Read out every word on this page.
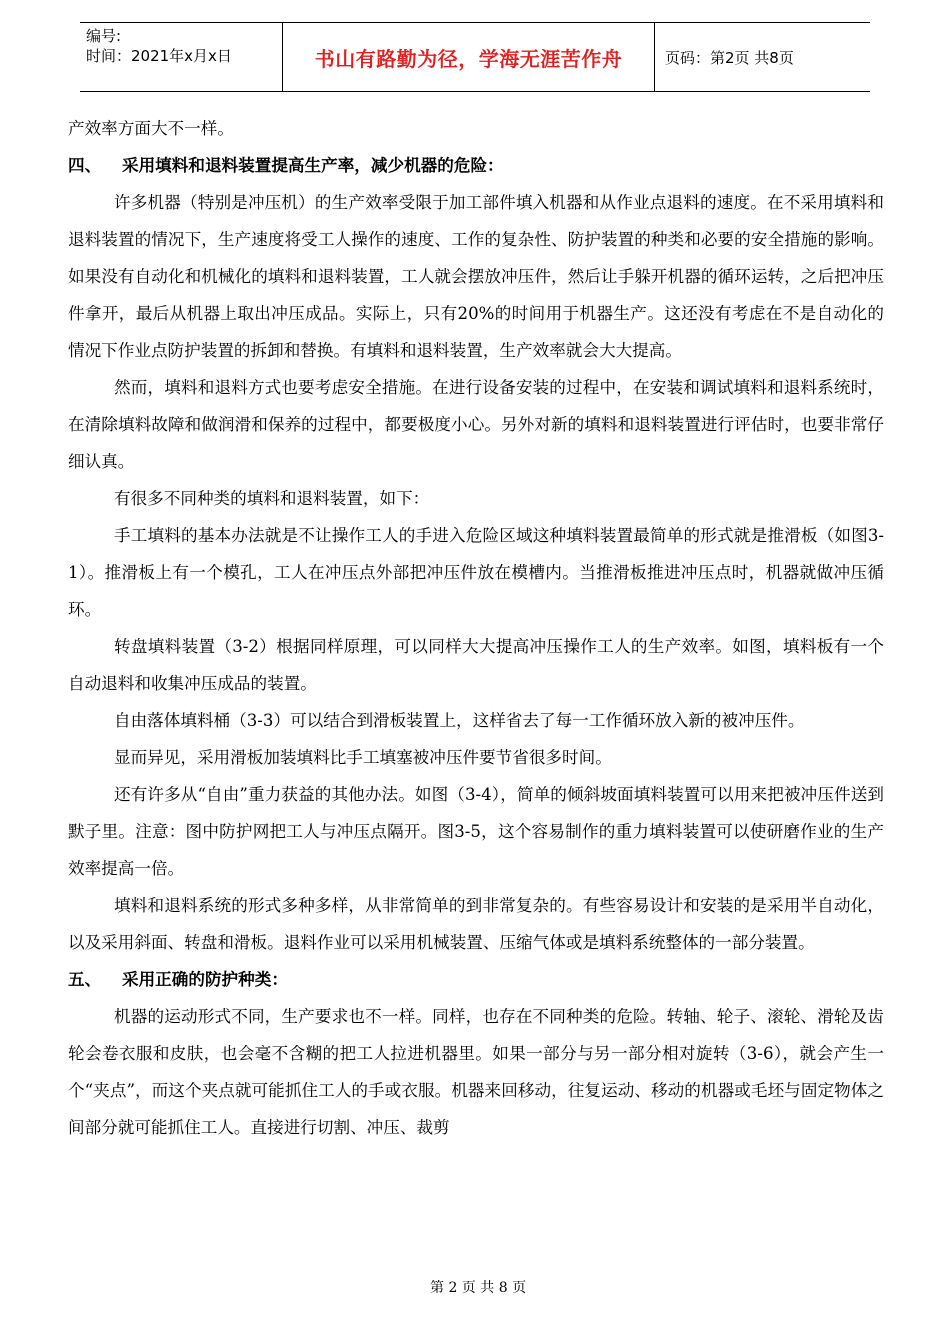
编号:
时间：2021年x月x日	书山有路勤为径，学海无涯苦作舟	页码：第2页 共8页

产效率方面大不一样。

四、 采用填料和退料装置提高生产率，减少机器的危险：

许多机器（特别是冲压机）的生产效率受限于加工部件填入机器和从作业点退料的速度。在不采用填料和退料装置的情况下，生产速度将受工人操作的速度、工作的复杂性、防护装置的种类和必要的安全措施的影响。如果没有自动化和机械化的填料和退料装置，工人就会摆放冲压件，然后让手躲开机器的循环运转，之后把冲压件拿开，最后从机器上取出冲压成品。实际上，只有20%的时间用于机器生产。这还没有考虑在不是自动化的情况下作业点防护装置的拆卸和替换。有填料和退料装置，生产效率就会大大提高。

然而，填料和退料方式也要考虑安全措施。在进行设备安装的过程中，在安装和调试填料和退料系统时，在清除填料故障和做润滑和保养的过程中，都要极度小心。另外对新的填料和退料装置进行评估时，也要非常仔细认真。

有很多不同种类的填料和退料装置，如下：

手工填料的基本办法就是不让操作工人的手进入危险区域这种填料装置最简单的形式就是推滑板（如图3-1）。推滑板上有一个模孔，工人在冲压点外部把冲压件放在模槽内。当推滑板推进冲压点时，机器就做冲压循环。

转盘填料装置（3-2）根据同样原理，可以同样大大提高冲压操作工人的生产效率。如图，填料板有一个自动退料和收集冲压成品的装置。

自由落体填料桶（3-3）可以结合到滑板装置上，这样省去了每一工作循环放入新的被冲压件。

显而异见，采用滑板加装填料比手工填塞被冲压件要节省很多时间。

还有许多从“自由”重力获益的其他办法。如图（3-4），简单的倾斜坡面填料装置可以用来把被冲压件送到默子里。注意：图中防护网把工人与冲压点隔开。图3-5，这个容易制作的重力填料装置可以使研磨作业的生产效率提高一倍。

填料和退料系统的形式多种多样，从非常简单的到非常复杂的。有些容易设计和安装的是采用半自动化，以及采用斜面、转盘和滑板。退料作业可以采用机械装置、压缩气体或是填料系统整体的一部分装置。

五、 采用正确的防护种类：

机器的运动形式不同，生产要求也不一样。同样，也存在不同种类的危险。转轴、轮子、滚轮、滑轮及齿轮会卷衣服和皮肤，也会毫不含糊的把工人拉进机器里。如果一部分与另一部分相对旋转（3-6），就会产生一个“夹点”，而这个夹点就可能抓住工人的手或衣服。机器来回移动，往复运动、移动的机器或毛坯与固定物体之间部分就可能抓住工人。直接进行切割、冲压、裁剪

第 2 页 共 8 页
